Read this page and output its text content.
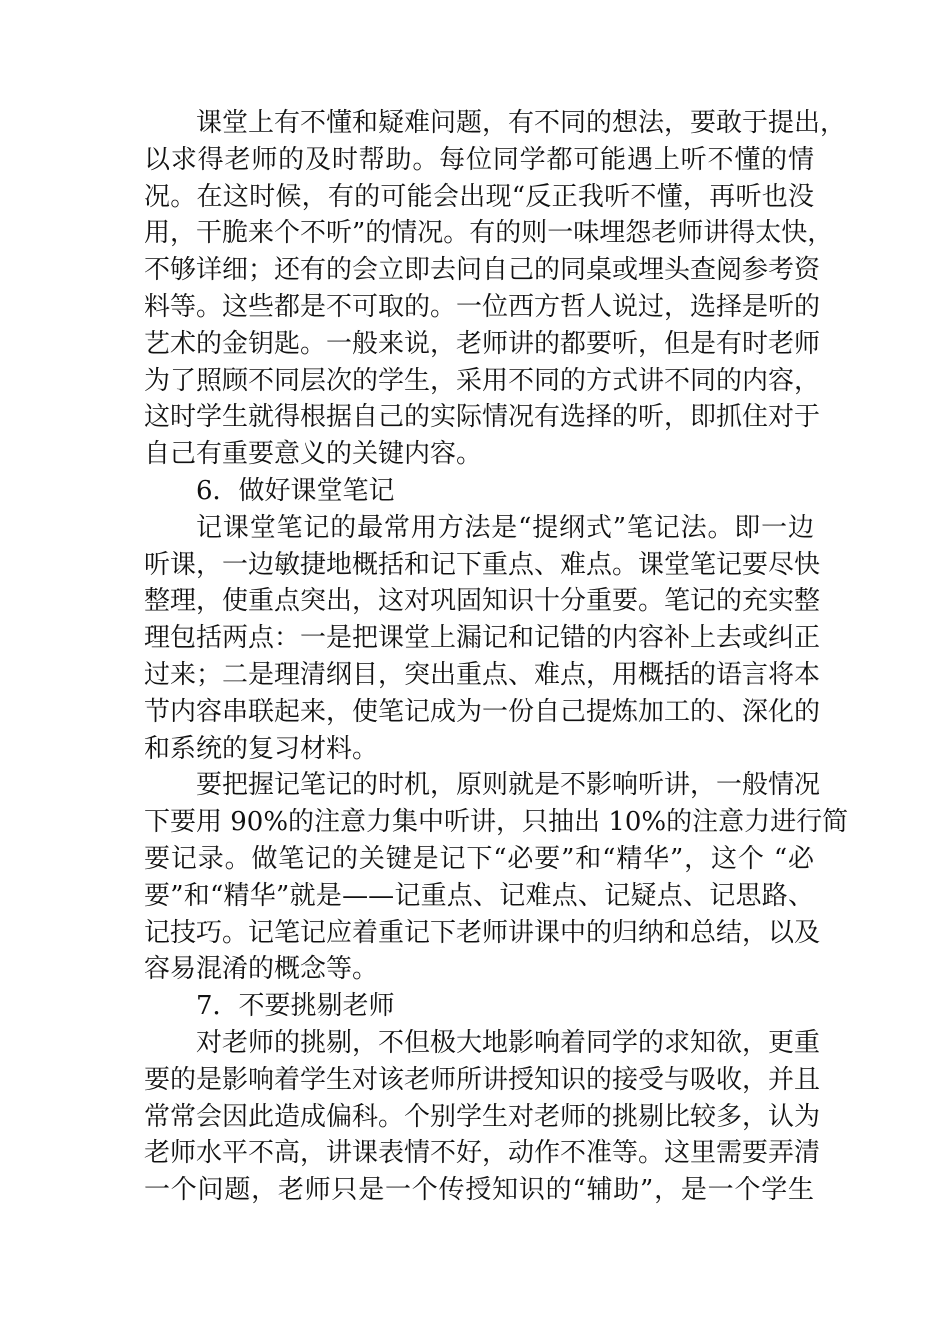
课堂上有不懂和疑难问题，有不同的想法，要敢于提出，
以求得老师的及时帮助。每位同学都可能遇上听不懂的情
况。在这时候，有的可能会出现“反正我听不懂，再听也没
用，干脆来个不听”的情况。有的则一味埋怨老师讲得太快，
不够详细；还有的会立即去问自己的同桌或埋头查阅参考资
料等。这些都是不可取的。一位西方哲人说过，选择是听的
艺术的金钥匙。一般来说，老师讲的都要听，但是有时老师
为了照顾不同层次的学生，采用不同的方式讲不同的内容，
这时学生就得根据自己的实际情况有选择的听，即抓住对于
自己有重要意义的关键内容。
6．做好课堂笔记
记课堂笔记的最常用方法是“提纲式”笔记法。即一边
听课，一边敏捷地概括和记下重点、难点。课堂笔记要尽快
整理，使重点突出，这对巩固知识十分重要。笔记的充实整
理包括两点：一是把课堂上漏记和记错的内容补上去或纠正
过来；二是理清纲目，突出重点、难点，用概括的语言将本
节内容串联起来，使笔记成为一份自己提炼加工的、深化的
和系统的复习材料。
要把握记笔记的时机，原则就是不影响听讲，一般情况
下要用 90%的注意力集中听讲，只抽出 10%的注意力进行简
要记录。做笔记的关键是记下“必要”和“精华”，这个 “必
要”和“精华”就是——记重点、记难点、记疑点、记思路、
记技巧。记笔记应着重记下老师讲课中的归纳和总结，以及
容易混淆的概念等。
7．不要挑剔老师
对老师的挑剔，不但极大地影响着同学的求知欲，更重
要的是影响着学生对该老师所讲授知识的接受与吸收，并且
常常会因此造成偏科。个别学生对老师的挑剔比较多，认为
老师水平不高，讲课表情不好，动作不准等。这里需要弄清
一个问题，老师只是一个传授知识的“辅助”，是一个学生
